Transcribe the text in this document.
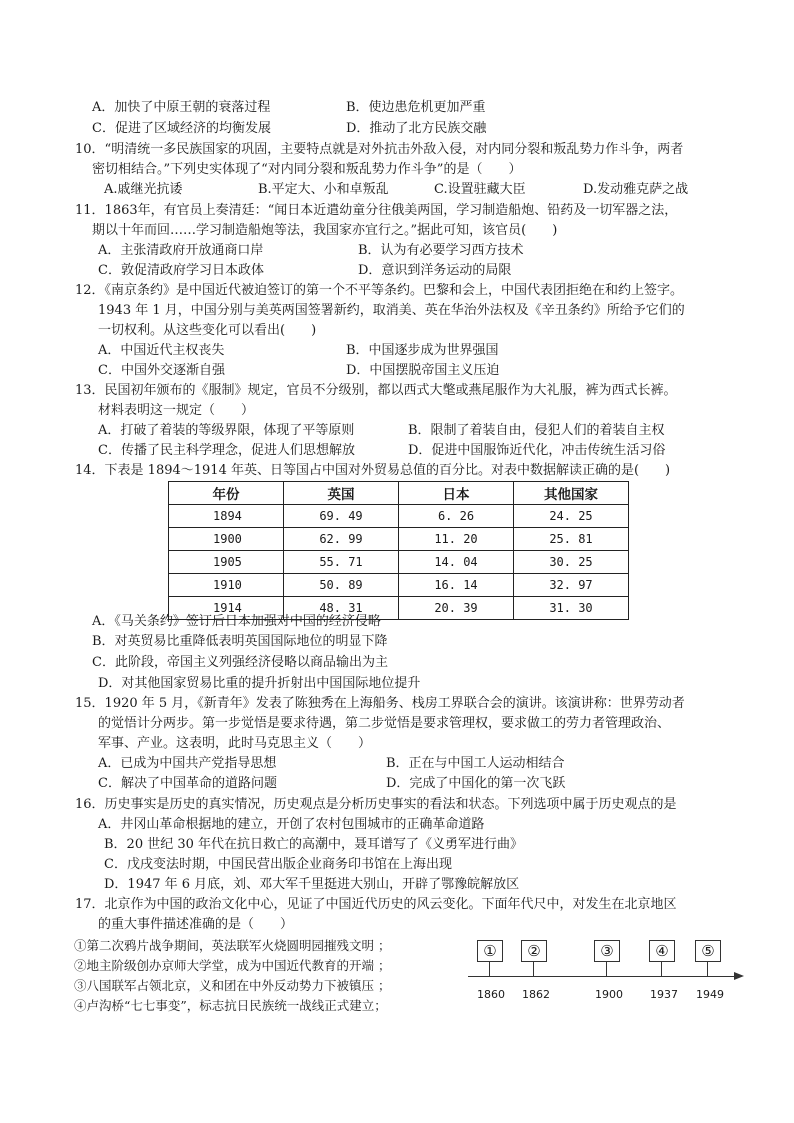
A．加快了中原王朝的衰落过程	B．使边患危机更加严重
C．促进了区域经济的均衡发展	D．推动了北方民族交融
10．“明清统一多民族国家的巩固，主要特点就是对外抗击外敌入侵，对内同分裂和叛乱势力作斗争，两者
密切相结合。”下列史实体现了“对内同分裂和叛乱势力作斗争”的是（　　）
A.戚继光抗诿	B.平定大、小和卓叛乱	C.设置驻藏大臣	D.发动雅克萨之战
11．1863年，有官员上奏清廷：“闻日本近遣幼童分往俄美两国，学习制造船炮、铅药及一切军器之法，
期以十年而回……学习制造船炮等法，我国家亦宜行之。”据此可知，该官员(　　)
A．主张清政府开放通商口岸	B．认为有必要学习西方技术
C．敦促清政府学习日本政体	D．意识到洋务运动的局限
12．《南京条约》是中国近代被迫签订的第一个不平等条约。巴黎和会上，中国代表团拒绝在和约上签字。
1943 年 1 月，中国分别与美英两国签署新约，取消美、英在华治外法权及《辛丑条约》所给予它们的
一切权利。从这些变化可以看出(　　)
A．中国近代主权丧失	B．中国逐步成为世界强国
C．中国外交逐渐自强	D．中国摆脱帝国主义压迫
13．民国初年颁布的《服制》规定，官员不分级别，都以西式大氅或燕尾服作为大礼服，裤为西式长裤。
材料表明这一规定（　　）
A．打破了着装的等级界限，体现了平等原则	B．限制了着装自由，侵犯人们的着装自主权
C．传播了民主科学理念，促进人们思想解放	D．促进中国服饰近代化，冲击传统生活习俗
14．下表是 1894～1914 年英、日等国占中国对外贸易总值的百分比。对表中数据解读正确的是(　　)
年份	英国	日本	其他国家
1894	69. 49	6. 26	24. 25
1900	62. 99	11. 20	25. 81
1905	55. 71	14. 04	30. 25
1910	50. 89	16. 14	32. 97
1914	48. 31	20. 39	31. 30
A．《马关条约》签订后日本加强对中国的经济侵略
B．对英贸易比重降低表明英国国际地位的明显下降
C．此阶段，帝国主义列强经济侵略以商品输出为主
D．对其他国家贸易比重的提升折射出中国国际地位提升
15．1920 年 5 月，《新青年》发表了陈独秀在上海船务、栈房工界联合会的演讲。该演讲称：世界劳动者
的觉悟计分两步。第一步觉悟是要求待遇，第二步觉悟是要求管理权，要求做工的劳力者管理政治、
军事、产业。这表明，此时马克思主义（　　）
A．已成为中国共产党指导思想	B．正在与中国工人运动相结合
C．解决了中国革命的道路问题	D．完成了中国化的第一次飞跃
16．历史事实是历史的真实情况，历史观点是分析历史事实的看法和状态。下列选项中属于历史观点的是
A．井冈山革命根据地的建立，开创了农村包围城市的正确革命道路
B．20 世纪 30 年代在抗日救亡的高潮中，聂耳谱写了《义勇军进行曲》
C．戊戌变法时期，中国民营出版企业商务印书馆在上海出现
D．1947 年 6 月底，刘、邓大军千里挺进大别山，开辟了鄂豫皖解放区
17．北京作为中国的政治文化中心，见证了中国近代历史的风云变化。下面年代尺中，对发生在北京地区
的重大事件描述准确的是（　　）
①第二次鸦片战争期间，英法联军火烧圆明园摧残文明 ；
②地主阶级创办京师大学堂，成为中国近代教育的开端 ；
③八国联军占领北京，义和团在中外反动势力下被镇压 ；
④卢沟桥“七七事变”，标志抗日民族统一战线正式建立；
①
1860
②
1862
③
1900
④
1937
⑤
1949
